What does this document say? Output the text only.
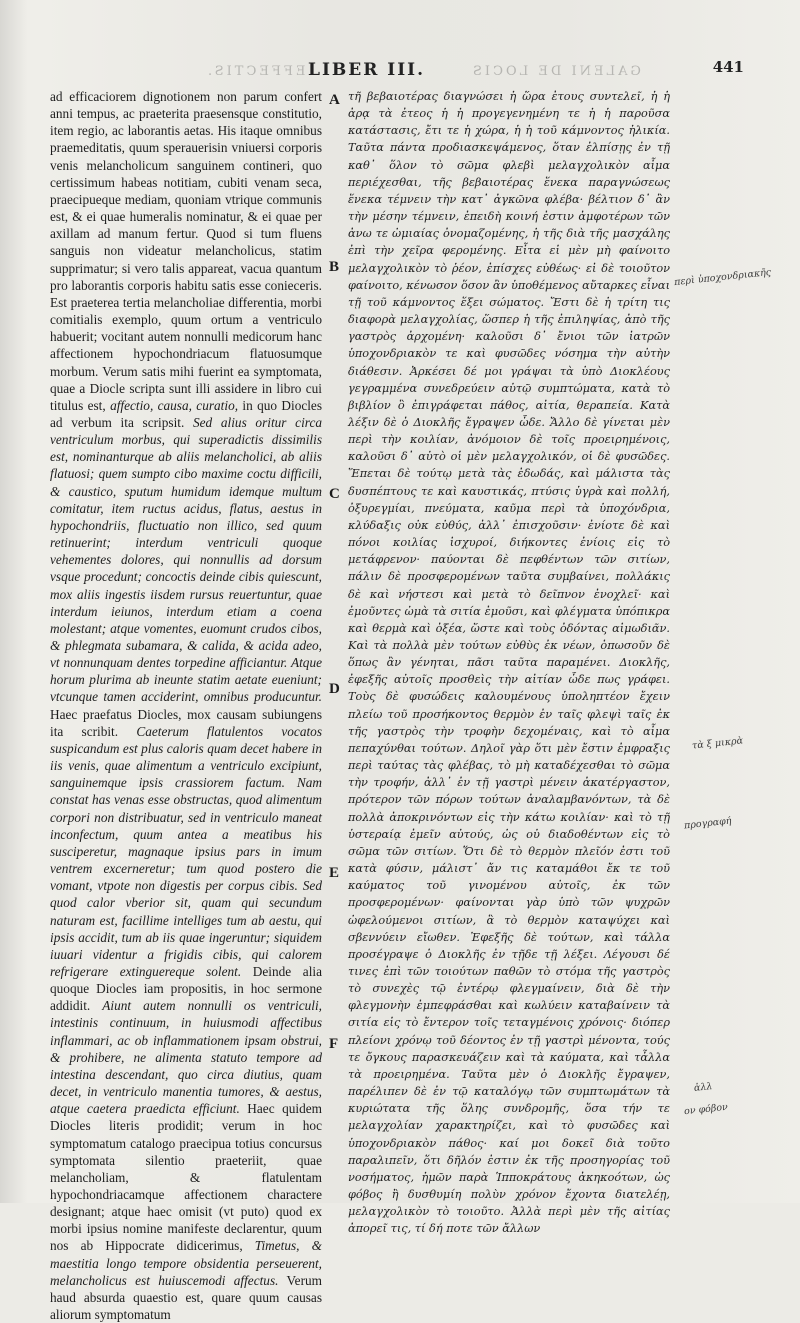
EFFECTIS. LIBER III.	GALENI DE LOCIS	441

ad efficaciorem dignotionem non parum confert anni tempus, ac praeterita praesensque constitutio, item regio, ac laborantis aetas. His itaque omnibus praemeditatis, quum sperauerisin vniuersi corporis venis melancholicum sanguinem contineri, quo certissimum habeas notitiam, cubiti venam seca, praecipueque mediam, quoniam vtrique communis est, & ei quae humeralis nominatur, & ei quae per axillam ad manum fertur. Quod si tum fluens sanguis non videatur melancholicus, statim supprimatur; si vero talis appareat, vacua quantum pro laborantis corporis habitu satis esse conieceris. Est praeterea tertia melancholiae differentia, morbi comitialis exemplo, quum ortum a ventriculo habuerit; vocitant autem nonnulli medicorum hanc affectionem hypochondriacum flatuosumque morbum. Verum satis mihi fuerint ea symptomata, quae a Diocle scripta sunt illi assidere in libro cui titulus est, affectio, causa, curatio, in quo Diocles ad verbum ita scripsit. Sed alius oritur circa ventriculum morbus, qui superadictis dissimilis est, nominanturque ab aliis melancholici, ab aliis flatuosi; quem sumpto cibo maxime coctu difficili, & caustico, sputum humidum idemque multum comitatur, item ructus acidus, flatus, aestus in hypochondriis, fluctuatio non illico, sed quum retinuerint; interdum ventriculi quoque vehementes dolores, qui nonnullis ad dorsum vsque procedunt; concoctis deinde cibis quiescunt, mox aliis ingestis iisdem rursus reuertuntur, quae interdum ieiunos, interdum etiam a coena molestant; atque vomentes, euomunt crudos cibos, & phlegmata subamara, & calida, & acida adeo, vt nonnunquam dentes torpedine afficiantur. Atque horum plurima ab ineunte statim aetate eueniunt; vtcunque tamen acciderint, omnibus producuntur. Haec praefatus Diocles, mox causam subiungens ita scribit. Caeterum flatulentos vocatos suspicandum est plus caloris quam decet habere in iis venis, quae alimentum a ventriculo excipiunt, sanguinemque ipsis crassiorem factum. Nam constat has venas esse obstructas, quod alimentum corpori non distribuatur, sed in ventriculo maneat inconfectum, quum antea a meatibus his susciperetur, magnaque ipsius pars in imum ventrem excerneretur; tum quod postero die vomant, vtpote non digestis per corpus cibis. Sed quod calor vberior sit, quam qui secundum naturam est, facillime intelliges tum ab aestu, qui ipsis accidit, tum ab iis quae ingeruntur; siquidem iuuari videntur a frigidis cibis, qui calorem refrigerare extinguereque solent. Deinde alia quoque Diocles iam propositis, in hoc sermone addidit. Aiunt autem nonnulli os ventriculi, intestinis continuum, in huiusmodi affectibus inflammari, ac ob inflammationem ipsam obstrui, & prohibere, ne alimenta statuto tempore ad intestina descendant, quo circa diutius, quam decet, in ventriculo manentia tumores, & aestus, atque caetera praedicta efficiunt. Haec quidem Diocles literis prodidit; verum in hoc symptomatum catalogo praecipua totius concursus symptomata silentio praeteriit, quae melancholiam, & flatulentam hypochondriacamque affectionem charactere designant; atque haec omisit (vt puto) quod ex morbi ipsius nomine manifeste declarentur, quum nos ab Hippocrate didicerimus, Timetus, & maestitia longo tempore obsidentia perseuerent, melancholicus est huiuscemodi affectus. Verum haud absurda quaestio est, quare quum causas aliorum symptomatum

A
B
C
D
E
F

τῆ βεβαιοτέρας διαγνώσει ἡ ὥρα ἐτους συντελεῖ, ἡ ἡ ἀρᾳ τὰ ἐτεος ἡ ἡ προγεγενημένη τε ἡ ἡ παροῦσα κατάστασις, ἔτι τε ἡ χώρα, ἡ ἡ τοῦ κάμνοντος ἡλικία. Ταῦτα πάντα προδιασκεψάμενος, ὅταν ἐλπίσῃς ἐν τῇ καθ᾽ ὅλον τὸ σῶμα φλεβὶ μελαγχολικὸν αἷμα περιέχεσθαι, τῆς βεβαιοτέρας ἕνεκα παραγνώσεως ἕνεκα τέμνειν τὴν κατ᾽ ἀγκῶνα φλέβα· βέλτιον δ᾽ ἂν τὴν μέσην τέμνειν, ἐπειδὴ κοινή ἐστιν ἀμφοτέρων τῶν ἀνω τε ὠμιαίας ὀνομαζομένης, ἡ τῆς διὰ τῆς μασχάλης ἐπὶ τὴν χεῖρα φερομένης. Εἶτα εἰ μὲν μὴ φαίνοιτο μελαγχολικὸν τὸ ῥέον, ἐπίσχες εὐθέως· εἰ δὲ τοιοῦτον φαίνοιτο, κένωσον ὅσον ἂν ὑποθέμενος αὔταρκες εἶναι τῇ τοῦ κάμνοντος ἕξει σώματος. Ἔστι δὲ ἡ τρίτη τις διαφορὰ μελαγχολίας, ὥσπερ ἡ τῆς ἐπιληψίας, ἀπὸ τῆς γαστρὸς ἀρχομένη· καλοῦσι δ᾽ ἔνιοι τῶν ἰατρῶν ὑποχονδριακὸν τε καὶ φυσῶδες νόσημα τὴν αὐτὴν διάθεσιν. Ἀρκέσει δέ μοι γράψαι τὰ ὑπὸ Διοκλέους γεγραμμένα συνεδρεύειν αὐτῷ συμπτώματα, κατὰ τὸ βιβλίον ὃ ἐπιγράφεται πάθος, αἰτία, θεραπεία. Κατὰ λέξιν δὲ ὁ Διοκλῆς ἔγραψεν ὧδε. Ἄλλο δὲ γίνεται μὲν περὶ τὴν κοιλίαν, ἀνόμοιον δὲ τοῖς προειρημένοις, καλοῦσι δ᾽ αὐτὸ οἱ μὲν μελαγχολικόν, οἱ δὲ φυσῶδες. Ἕπεται δὲ τούτῳ μετὰ τὰς ἐδωδάς, καὶ μάλιστα τὰς δυσπέπτους τε καὶ καυστικάς, πτύσις ὑγρὰ καὶ πολλή, ὀξυρεγμίαι, πνεύματα, καῦμα περὶ τὰ ὑποχόνδρια, κλύδαξις οὐκ εὐθύς, ἀλλ᾽ ἐπισχοῦσιν· ἐνίοτε δὲ καὶ πόνοι κοιλίας ἰσχυροί, διήκοντες ἐνίοις εἰς τὸ μετάφρενον· παύονται δὲ πεφθέντων τῶν σιτίων, πάλιν δὲ προσφερομένων ταῦτα συμβαίνει, πολλάκις δὲ καὶ νήστεσι καὶ μετὰ τὸ δεῖπνον ἐνοχλεῖ· καὶ ἐμοῦντες ὠμὰ τὰ σιτία ἐμοῦσι, καὶ φλέγματα ὑπόπικρα καὶ θερμὰ καὶ ὀξέα, ὥστε καὶ τοὺς ὀδόντας αἱμωδιᾶν. Καὶ τὰ πολλὰ μὲν τούτων εὐθὺς ἐκ νέων, ὁπωσοῦν δὲ ὅπως ἂν γένηται, πᾶσι ταῦτα παραμένει. Διοκλῆς, ἐφεξῆς αὐτοῖς προσθεὶς τὴν αἰτίαν ὧδε πως γράφει. Τοὺς δὲ φυσώδεις καλουμένους ὑποληπτέον ἔχειν πλείω τοῦ προσήκοντος θερμὸν ἐν ταῖς φλεψὶ ταῖς ἐκ τῆς γαστρὸς τὴν τροφὴν δεχομέναις, καὶ τὸ αἷμα πεπαχύνθαι τούτων. Δηλοῖ γὰρ ὅτι μὲν ἔστιν ἐμφραξις περὶ ταύτας τὰς φλέβας, τὸ μὴ καταδέχεσθαι τὸ σῶμα τὴν τροφήν, ἀλλ᾽ ἐν τῇ γαστρὶ μένειν ἀκατέργαστον, πρότερον τῶν πόρων τούτων ἀναλαμβανόντων, τὰ δὲ πολλὰ ἀποκρινόντων εἰς τὴν κάτω κοιλίαν· καὶ τὸ τῇ ὑστεραίᾳ ἐμεῖν αὐτούς, ὡς οὐ διαδοθέντων εἰς τὸ σῶμα τῶν σιτίων. Ὅτι δὲ τὸ θερμὸν πλεῖόν ἐστι τοῦ κατὰ φύσιν, μάλιστ᾽ ἄν τις καταμάθοι ἔκ τε τοῦ καύματος τοῦ γινομένου αὐτοῖς, ἐκ τῶν προσφερομένων· φαίνονται γὰρ ὑπὸ τῶν ψυχρῶν ὠφελούμενοι σιτίων, ἃ τὸ θερμὸν καταψύχει καὶ σβεννύειν εἴωθεν. Ἐφεξῆς δὲ τούτων, καὶ τάλλα προσέγραψε ὁ Διοκλῆς ἐν τῇδε τῇ λέξει. Λέγουσι δέ τινες ἐπὶ τῶν τοιούτων παθῶν τὸ στόμα τῆς γαστρὸς τὸ συνεχὲς τῷ ἐντέρῳ φλεγμαίνειν, διὰ δὲ τὴν φλεγμονὴν ἐμπεφράσθαι καὶ κωλύειν καταβαίνειν τὰ σιτία εἰς τὸ ἔντερον τοῖς τεταγμένοις χρόνοις· διόπερ πλείονι χρόνῳ τοῦ δέοντος ἐν τῇ γαστρὶ μένοντα, τούς τε ὄγκους παρασκευάζειν καὶ τὰ καύματα, καὶ τἆλλα τὰ προειρημένα. Ταῦτα μὲν ὁ Διοκλῆς ἔγραψεν, παρέλιπεν δὲ ἐν τῷ καταλόγῳ τῶν συμπτωμάτων τὰ κυριώτατα τῆς ὅλης συνδρομῆς, ὅσα τήν τε μελαγχολίαν χαρακτηρίζει, καὶ τὸ φυσῶδες καὶ ὑποχονδριακὸν πάθος· καί μοι δοκεῖ διὰ τοῦτο παραλιπεῖν, ὅτι δῆλόν ἐστιν ἐκ τῆς προσηγορίας τοῦ νοσήματος, ἡμῶν παρὰ Ἱπποκράτους ἀκηκοότων, ὡς φόβος ἢ δυσθυμίη πολὺν χρόνον ἔχοντα διατελέῃ, μελαγχολικὸν τὸ τοιοῦτο. Ἀλλὰ περὶ μὲν τῆς αἰτίας ἀπορεῖ τις, τί δή ποτε τῶν ἄλλων

περὶ ὑποχονδριακῆς
τὰ ξ μικρὰ
προγραφή
ἀλλ
ον φόβον
